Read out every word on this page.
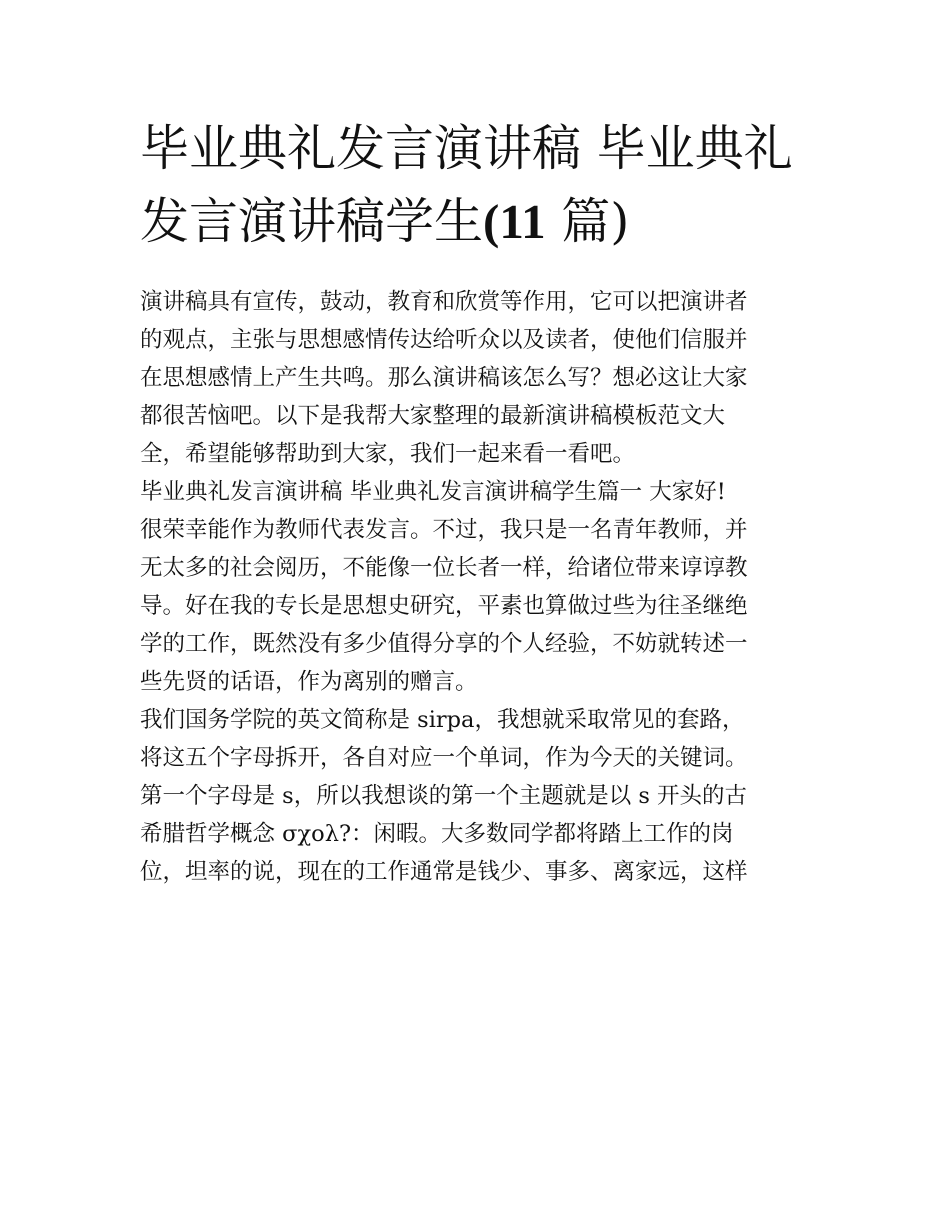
毕业典礼发言演讲稿 毕业典礼
发言演讲稿学生(11 篇)

演讲稿具有宣传，鼓动，教育和欣赏等作用，它可以把演讲者
的观点，主张与思想感情传达给听众以及读者，使他们信服并
在思想感情上产生共鸣。那么演讲稿该怎么写？想必这让大家
都很苦恼吧。以下是我帮大家整理的最新演讲稿模板范文大
全，希望能够帮助到大家，我们一起来看一看吧。

毕业典礼发言演讲稿 毕业典礼发言演讲稿学生篇一 大家好!

很荣幸能作为教师代表发言。不过，我只是一名青年教师，并
无太多的社会阅历，不能像一位长者一样，给诸位带来谆谆教
导。好在我的专长是思想史研究，平素也算做过些为往圣继绝
学的工作，既然没有多少值得分享的个人经验，不妨就转述一
些先贤的话语，作为离别的赠言。

我们国务学院的英文简称是 sirpa，我想就采取常见的套路，
将这五个字母拆开，各自对应一个单词，作为今天的关键词。
第一个字母是 s，所以我想谈的第一个主题就是以 s 开头的古
希腊哲学概念 σχολ?：闲暇。大多数同学都将踏上工作的岗
位，坦率的说，现在的工作通常是钱少、事多、离家远，这样
